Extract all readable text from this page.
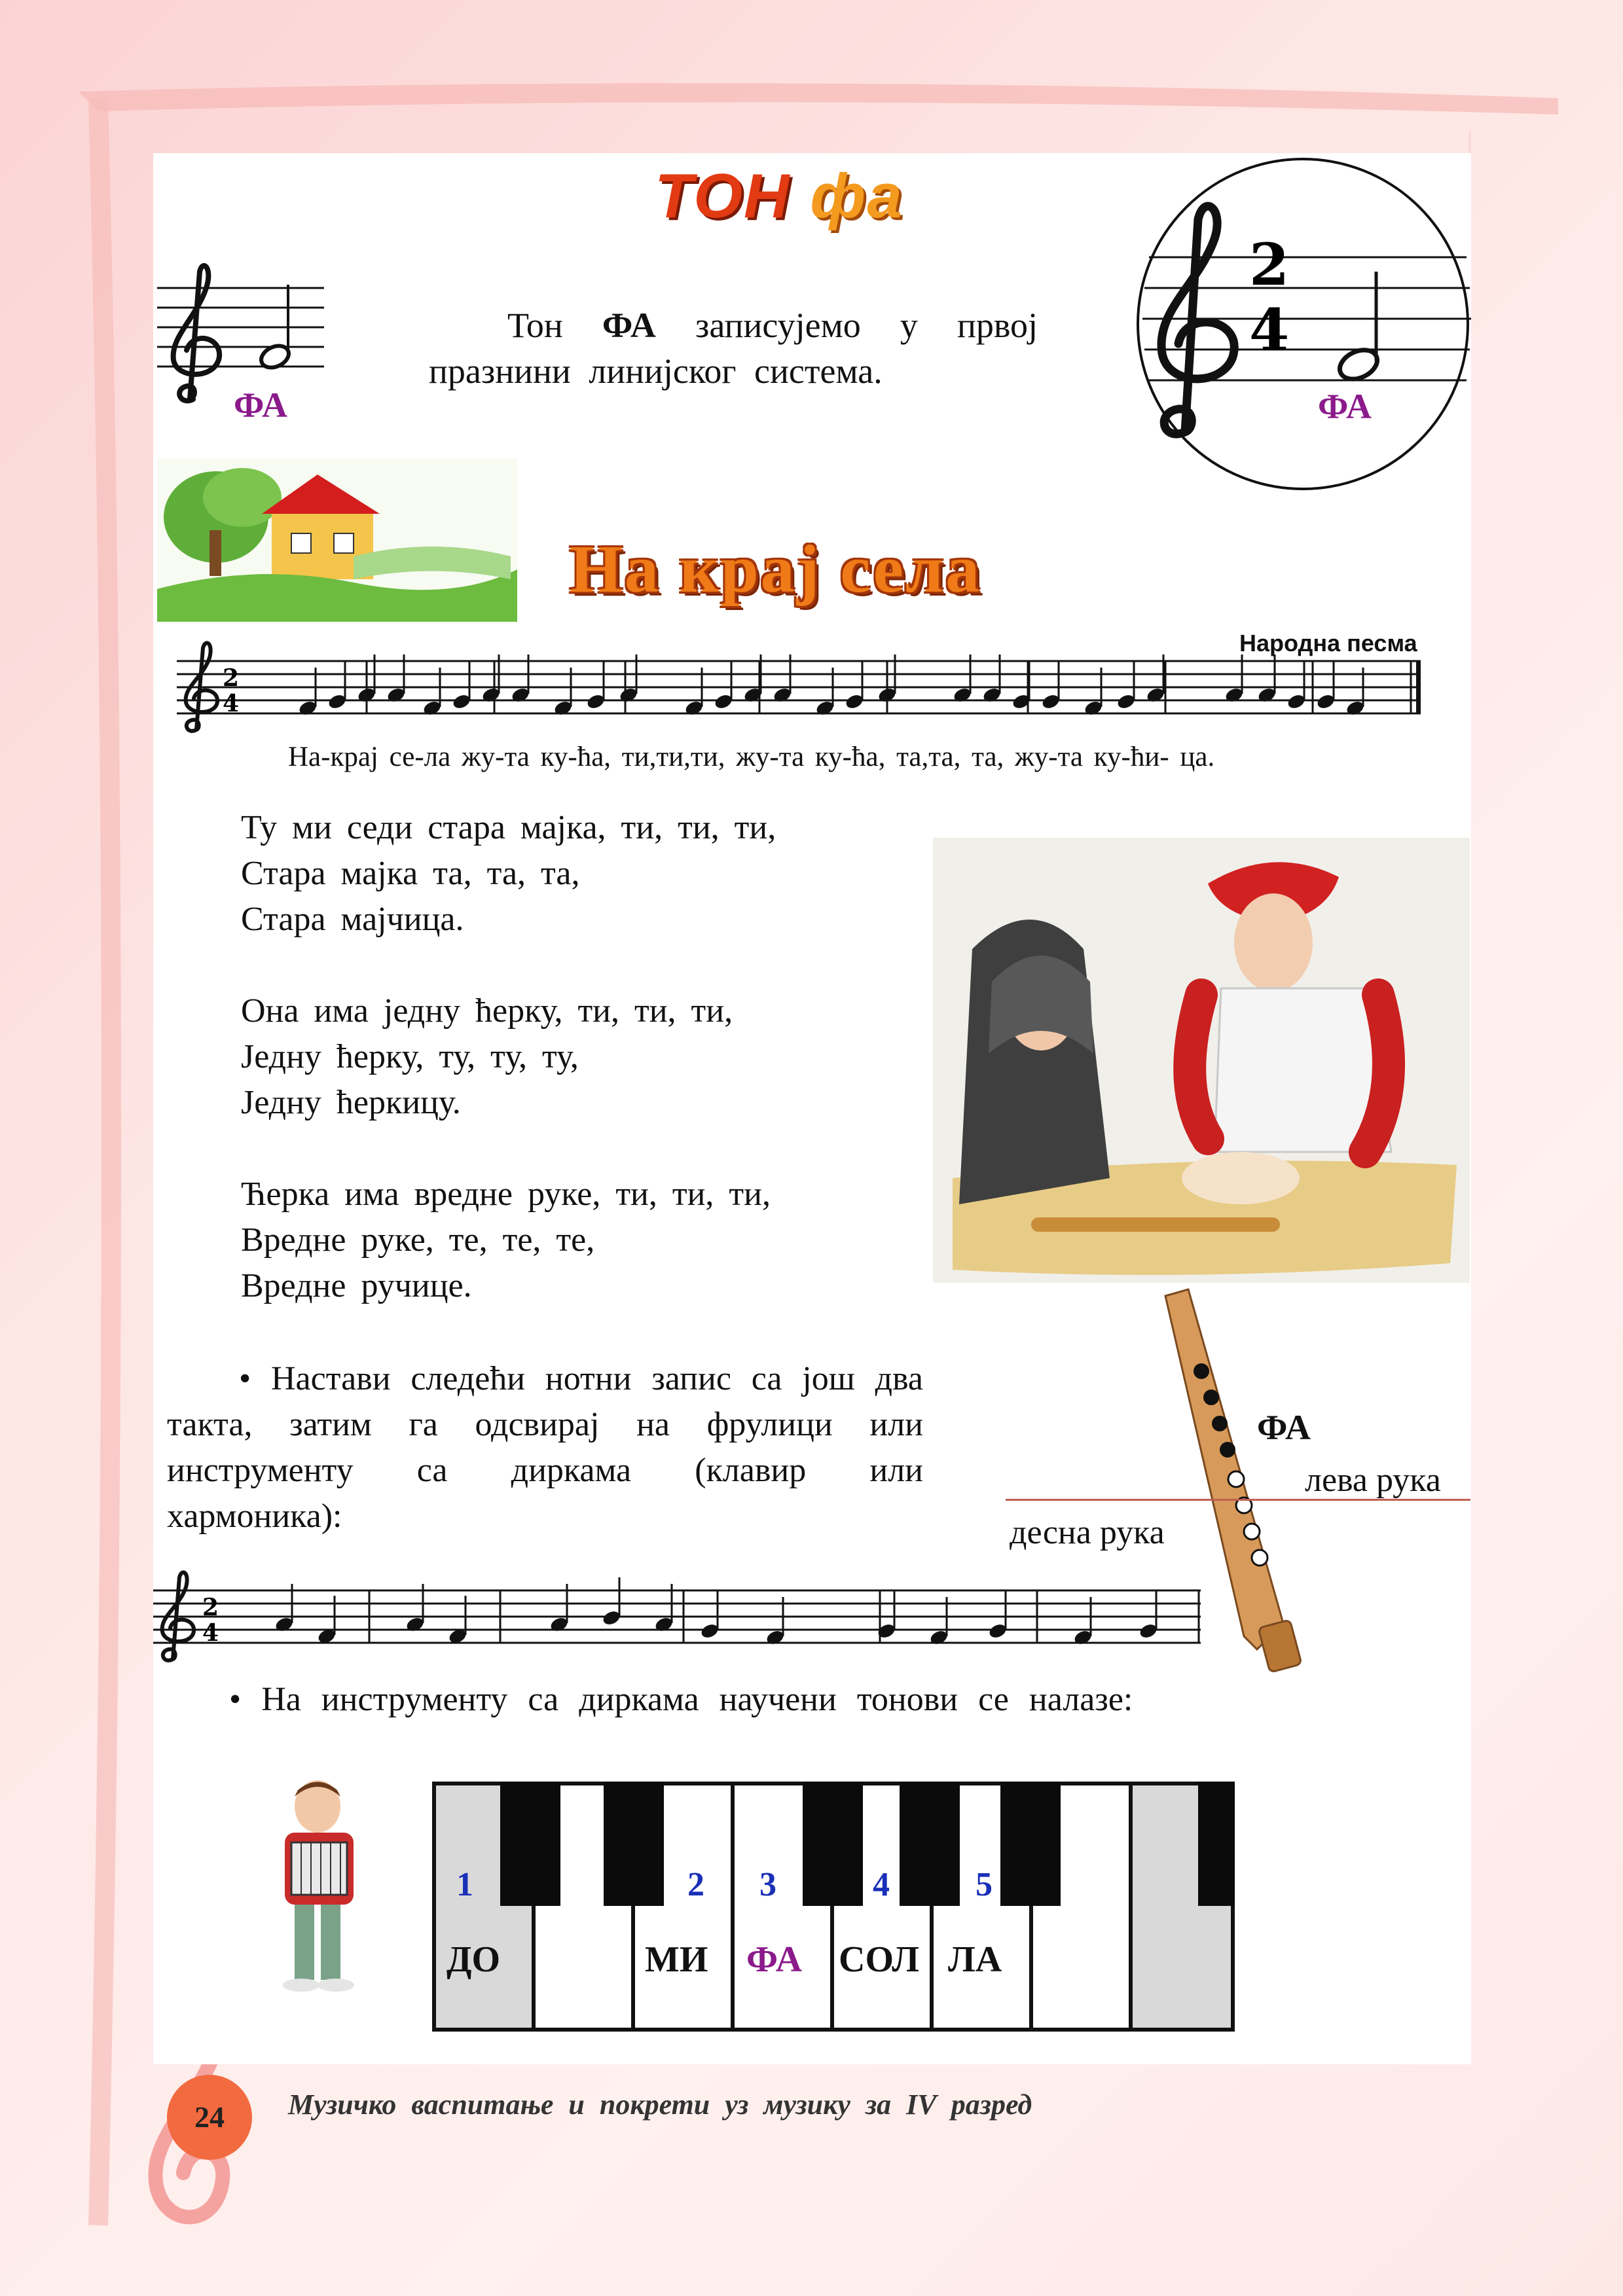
ТОН фа
ФА
Тон ФА записујемо у првој празнини линијског система.
2
4
ФА
На крај села
Народна песма
2
4
На-крај се-ла жу-та ку-ћа, ти,ти,ти, жу-та ку-ћа, та,та, та, жу-та ку-ћи- ца.
Ту ми седи стара мајка, ти, ти, ти,
Стара мајка та, та, та,
Стара мајчица.
Она има једну ћерку, ти, ти, ти,
Једну ћерку, ту, ту, ту,
Једну ћеркицу.
Ћерка има вредне руке, ти, ти, ти,
Вредне руке, те, те, те,
Вредне ручице.
• Настави следећи нотни запис са још два такта, затим га одсвирај на фрулици или инструменту са диркама (клавир или хармоника):
ФА
лева рука
десна рука
2
4
• На инструменту са диркама научени тонови се налазе:
1	2 3	4	5
ДО	МИ ФА СОЛ ЛА
24	Музичко васпитање и покрети уз музику за IV разред
